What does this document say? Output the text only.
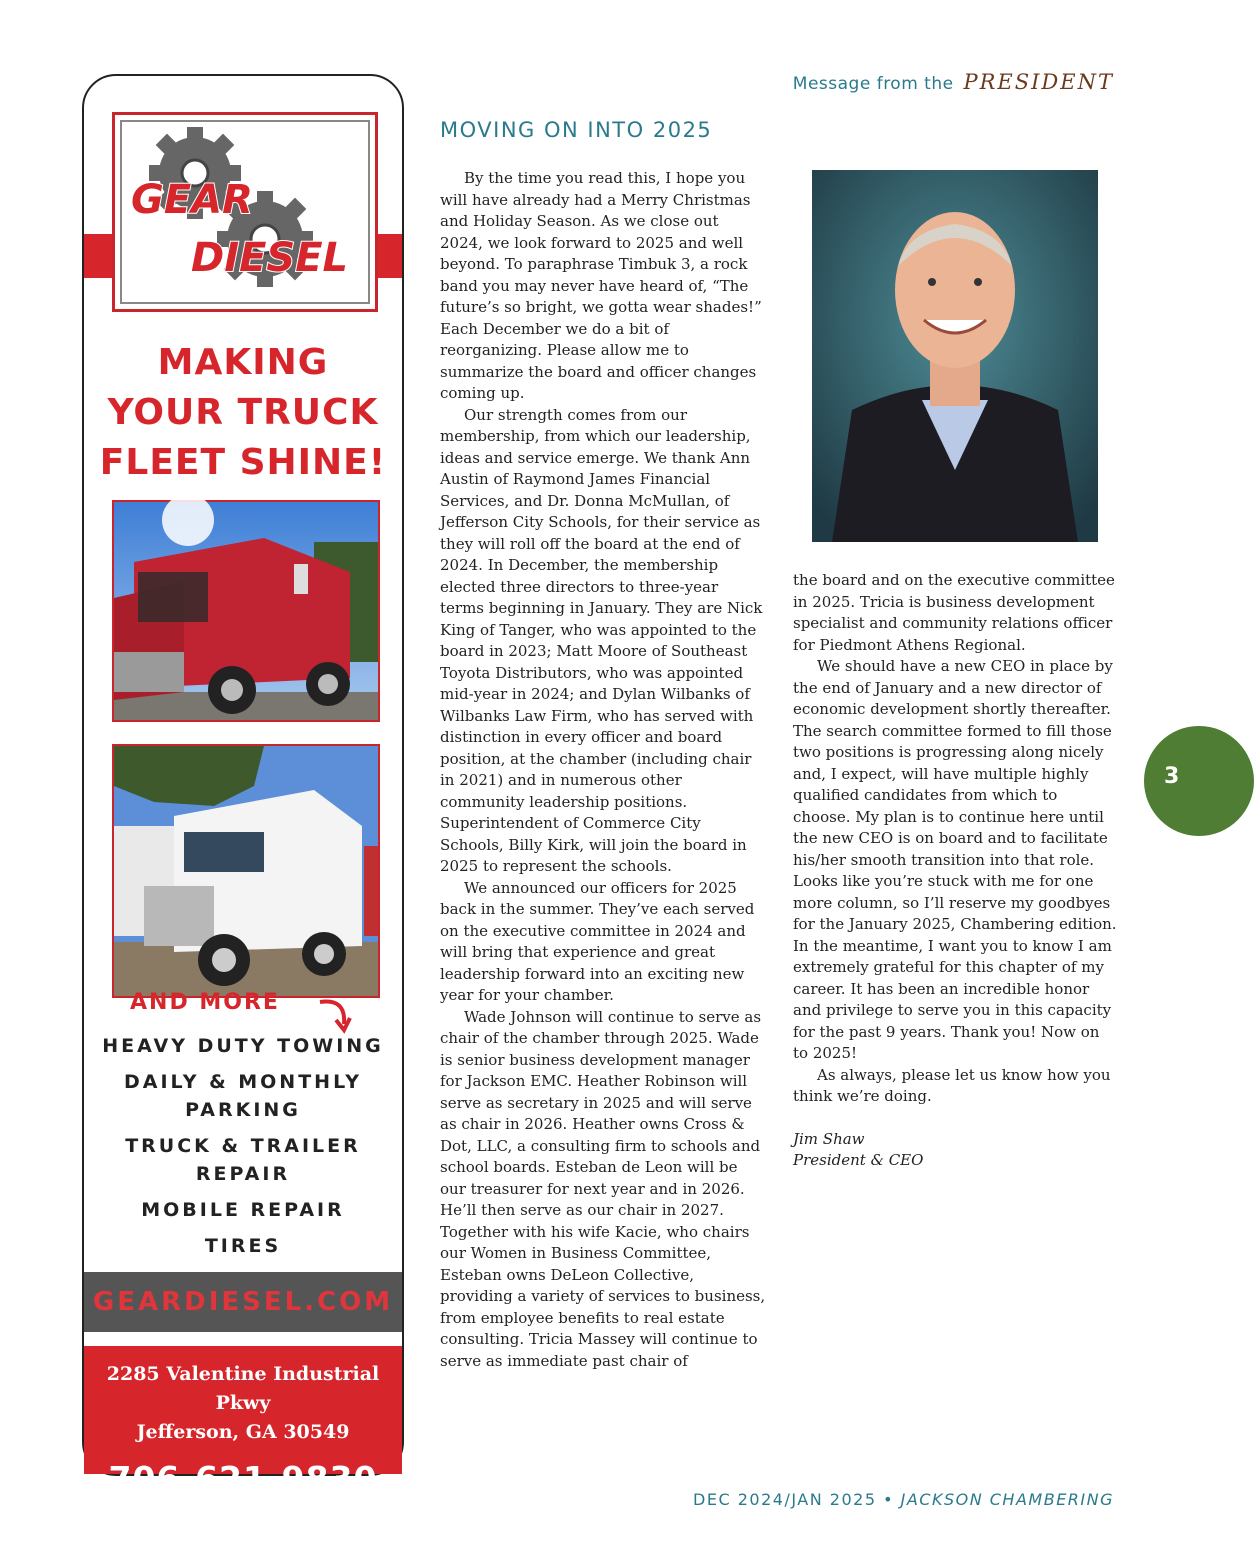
Message from the PRESIDENT
GEAR
DIESEL
MAKING
YOUR TRUCK
FLEET SHINE!
AND MORE
HEAVY DUTY TOWING
DAILY & MONTHLY
PARKING
TRUCK & TRAILER
REPAIR
MOBILE REPAIR
TIRES
GEARDIESEL.COM
2285 Valentine Industrial Pkwy
Jefferson, GA 30549
706-621-9830
MOVING ON INTO 2025

By the time you read this, I hope you will have already had a Merry Christmas and Holiday Season. As we close out 2024, we look forward to 2025 and well beyond. To paraphrase Timbuk 3, a rock band you may never have heard of, “The future’s so bright, we gotta wear shades!” Each December we do a bit of reorganizing. Please allow me to summarize the board and officer changes coming up.

Our strength comes from our membership, from which our leadership, ideas and service emerge. We thank Ann Austin of Raymond James Financial Services, and Dr. Donna McMullan, of Jefferson City Schools, for their service as they will roll off the board at the end of 2024. In December, the membership elected three directors to three-year terms beginning in January. They are Nick King of Tanger, who was appointed to the board in 2023; Matt Moore of Southeast Toyota Distributors, who was appointed mid-year in 2024; and Dylan Wilbanks of Wilbanks Law Firm, who has served with distinction in every officer and board position, at the chamber (including chair in 2021) and in numerous other community leadership positions. Superintendent of Commerce City Schools, Billy Kirk, will join the board in 2025 to represent the schools.

We announced our officers for 2025 back in the summer. They’ve each served on the executive committee in 2024 and will bring that experience and great leadership forward into an exciting new year for your chamber.

Wade Johnson will continue to serve as chair of the chamber through 2025. Wade is senior business development manager for Jackson EMC. Heather Robinson will serve as secretary in 2025 and will serve as chair in 2026. Heather owns Cross & Dot, LLC, a consulting firm to schools and school boards. Esteban de Leon will be our treasurer for next year and in 2026. He’ll then serve as our chair in 2027. Together with his wife Kacie, who chairs our Women in Business Committee, Esteban owns DeLeon Collective, providing a variety of services to business, from employee benefits to real estate consulting. Tricia Massey will continue to serve as immediate past chair of

the board and on the executive committee in 2025. Tricia is business development specialist and community relations officer for Piedmont Athens Regional.

We should have a new CEO in place by the end of January and a new director of economic development shortly thereafter. The search committee formed to fill those two positions is progressing along nicely and, I expect, will have multiple highly qualified candidates from which to choose. My plan is to continue here until the new CEO is on board and to facilitate his/her smooth transition into that role. Looks like you’re stuck with me for one more column, so I’ll reserve my goodbyes for the January 2025, Chambering edition. In the meantime, I want you to know I am extremely grateful for this chapter of my career. It has been an incredible honor and privilege to serve you in this capacity for the past 9 years. Thank you! Now on to 2025!

As always, please let us know how you think we’re doing.

Jim Shaw
President & CEO
3
DEC 2024/JAN 2025 • JACKSON CHAMBERING
